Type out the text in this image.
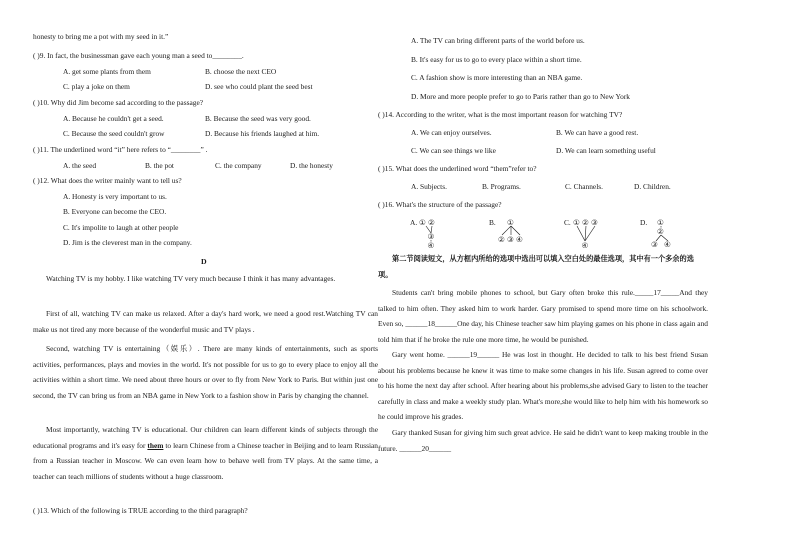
honesty to bring me a pot with my seed in it.”
( )9. In fact, the businessman gave each young man a seed to________.
A. get some plants from them	B. choose the next CEO
C. play a joke on them	D. see who could plant the seed best
( )10. Why did Jim become sad according to the passage?
A. Because he couldn't get a seed.	B. Because the seed was very good.
C. Because the seed couldn't grow	D. Because his friends laughed at him.
( )11. The underlined word “it” here refers to “________” .
A. the seed	B. the pot	C. the company	D. the honesty
( )12. What does the writer mainly want to tell us?
A. Honesty is very important to us.
B. Everyone can become the CEO.
C. It's impolite to laugh at other people
D. Jim is the cleverest man in the company.
D
Watching TV is my hobby. I like watching TV very much because I think it has many advantages.
First of all, watching TV can make us relaxed. After a day's hard work, we need a good rest.Watching TV can make us not tired any more because of the wonderful music and TV plays .
Second, watching TV is entertaining（娱乐）. There are many kinds of entertainments, such as sports activities, performances, plays and movies in the world. It's not possible for us to go to every place to enjoy all the activities within a short time. We need about three hours or over to fly from New York to Paris. But within just one second, the TV can bring us from an NBA game in New York to a fashion show in Paris by changing the channel.
Most importantly, watching TV is educational. Our children can learn different kinds of subjects through the educational programs and it's easy for them to learn Chinese from a Chinese teacher in Beijing and to learn Russian from a Russian teacher in Moscow. We can even learn how to behave well from TV plays. At the same time, a teacher can teach millions of students without a huge classroom.
( )13. Which of the following is TRUE according to the third paragraph?
A. The TV can bring different parts of the world before us.
B. It's easy for us to go to every place within a short time.
C. A fashion show is more interesting than an NBA game.
D. More and more people prefer to go to Paris rather than go to New York
( )14. According to the writer, what is the most important reason for watching TV?
A. We can enjoy ourselves.	B. We can have a good rest.
C. We can see things we like	D. We can learn something useful
( )15. What does the underlined word “them”refer to?
A. Subjects.	B. Programs.	C. Channels.	D. Children.
( )16. What's the structure of the passage?
A. ① ②
③
④
B. ①
② ③ ④
C. ① ② ③
④
D. ①
②
③ ④
第二节阅读短文，从方框内所给的选项中选出可以填入空白处的最佳选项，其中有一个多余的选项。
Students can't bring mobile phones to school, but Gary often broke this rule._____17_____And they talked to him often. They asked him to work harder. Gary promised to spend more time on his schoolwork. Even so, ______18______One day, his Chinese teacher saw him playing games on his phone in class again and told him that if he broke the rule one more time, he would be punished.
Gary went home. ______19______ He was lost in thought. He decided to talk to his best friend Susan about his problems because he knew it was time to make some changes in his life. Susan agreed to come over to his home the next day after school. After hearing about his problems,she advised Gary to listen to the teacher carefully in class and make a weekly study plan. What's more,she would like to help him with his homework so he could improve his grades.
Gary thanked Susan for giving him such great advice. He said he didn't want to keep making trouble in the future. ______20______
